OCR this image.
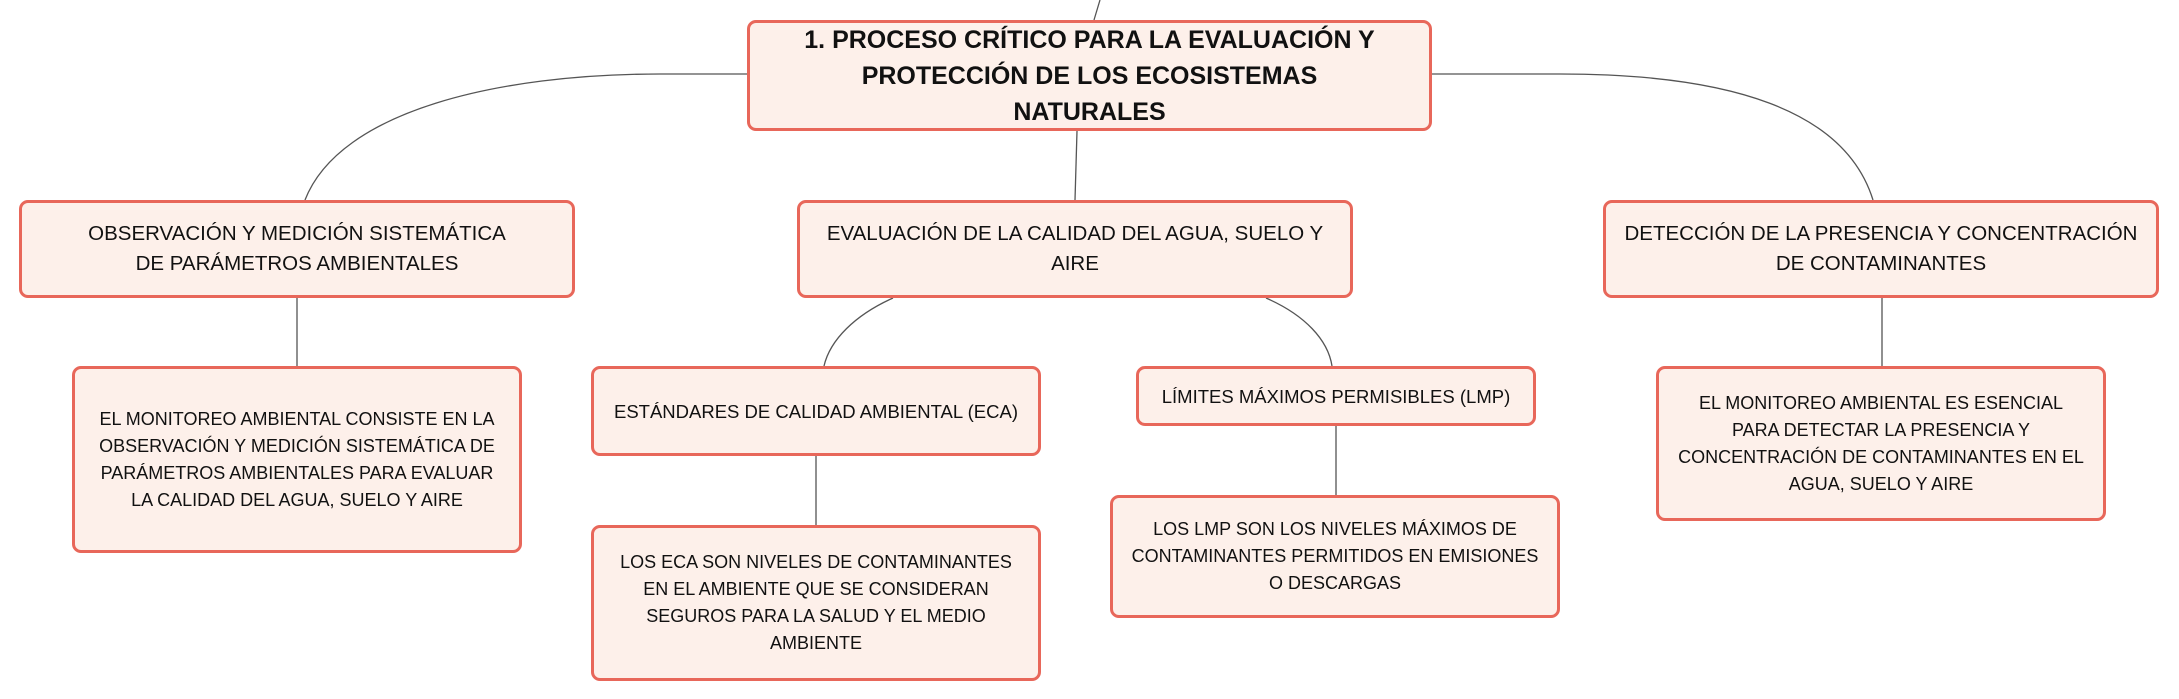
1. PROCESO CRÍTICO PARA LA EVALUACIÓN Y PROTECCIÓN DE LOS ECOSISTEMAS NATURALES
OBSERVACIÓN Y MEDICIÓN SISTEMÁTICA DE PARÁMETROS AMBIENTALES
EVALUACIÓN DE LA CALIDAD DEL AGUA, SUELO Y AIRE
DETECCIÓN DE LA PRESENCIA Y CONCENTRACIÓN DE CONTAMINANTES
EL MONITOREO AMBIENTAL CONSISTE EN LA OBSERVACIÓN Y MEDICIÓN SISTEMÁTICA DE PARÁMETROS AMBIENTALES PARA EVALUAR LA CALIDAD DEL AGUA, SUELO Y AIRE
ESTÁNDARES DE CALIDAD AMBIENTAL (ECA)
LÍMITES MÁXIMOS PERMISIBLES (LMP)
LOS ECA SON NIVELES DE CONTAMINANTES EN EL AMBIENTE QUE SE CONSIDERAN SEGUROS PARA LA SALUD Y EL MEDIO AMBIENTE
LOS LMP SON LOS NIVELES MÁXIMOS DE CONTAMINANTES PERMITIDOS EN EMISIONES O DESCARGAS
EL MONITOREO AMBIENTAL ES ESENCIAL PARA DETECTAR LA PRESENCIA Y CONCENTRACIÓN DE CONTAMINANTES EN EL AGUA, SUELO Y AIRE
